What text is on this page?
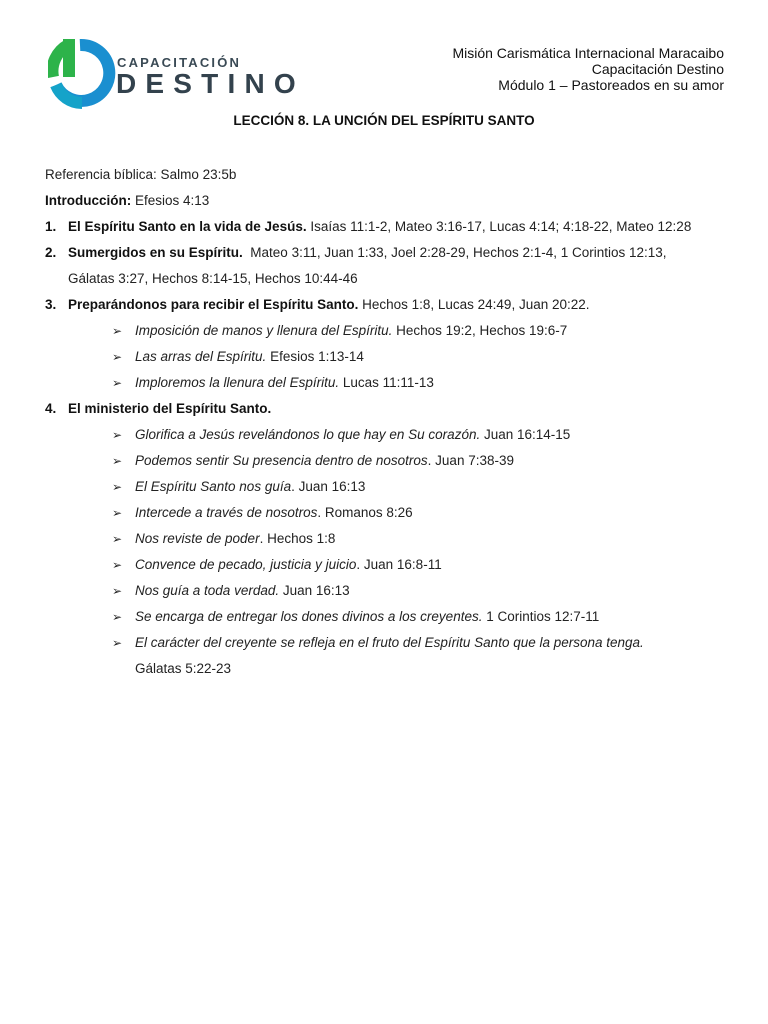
CAPACITACIÓN
DESTINO
Misión Carismática Internacional Maracaibo
Capacitación Destino
Módulo 1 – Pastoreados en su amor
LECCIÓN 8. LA UNCIÓN DEL ESPÍRITU SANTO
Referencia bíblica: Salmo 23:5b
Introducción: Efesios 4:13
1. El Espíritu Santo en la vida de Jesús. Isaías 11:1-2, Mateo 3:16-17, Lucas 4:14; 4:18-22, Mateo 12:28
2. Sumergidos en su Espíritu.  Mateo 3:11, Juan 1:33, Joel 2:28-29, Hechos 2:1-4, 1 Corintios 12:13,
Gálatas 3:27, Hechos 8:14-15, Hechos 10:44-46
3. Preparándonos para recibir el Espíritu Santo. Hechos 1:8, Lucas 24:49, Juan 20:22.
➢ Imposición de manos y llenura del Espíritu. Hechos 19:2, Hechos 19:6-7
➢ Las arras del Espíritu. Efesios 1:13-14
➢ Imploremos la llenura del Espíritu. Lucas 11:11-13
4. El ministerio del Espíritu Santo.
➢ Glorifica a Jesús revelándonos lo que hay en Su corazón. Juan 16:14-15
➢ Podemos sentir Su presencia dentro de nosotros. Juan 7:38-39
➢ El Espíritu Santo nos guía. Juan 16:13
➢ Intercede a través de nosotros. Romanos 8:26
➢ Nos reviste de poder. Hechos 1:8
➢ Convence de pecado, justicia y juicio. Juan 16:8-11
➢ Nos guía a toda verdad. Juan 16:13
➢ Se encarga de entregar los dones divinos a los creyentes. 1 Corintios 12:7-11
➢ El carácter del creyente se refleja en el fruto del Espíritu Santo que la persona tenga.
Gálatas 5:22-23
